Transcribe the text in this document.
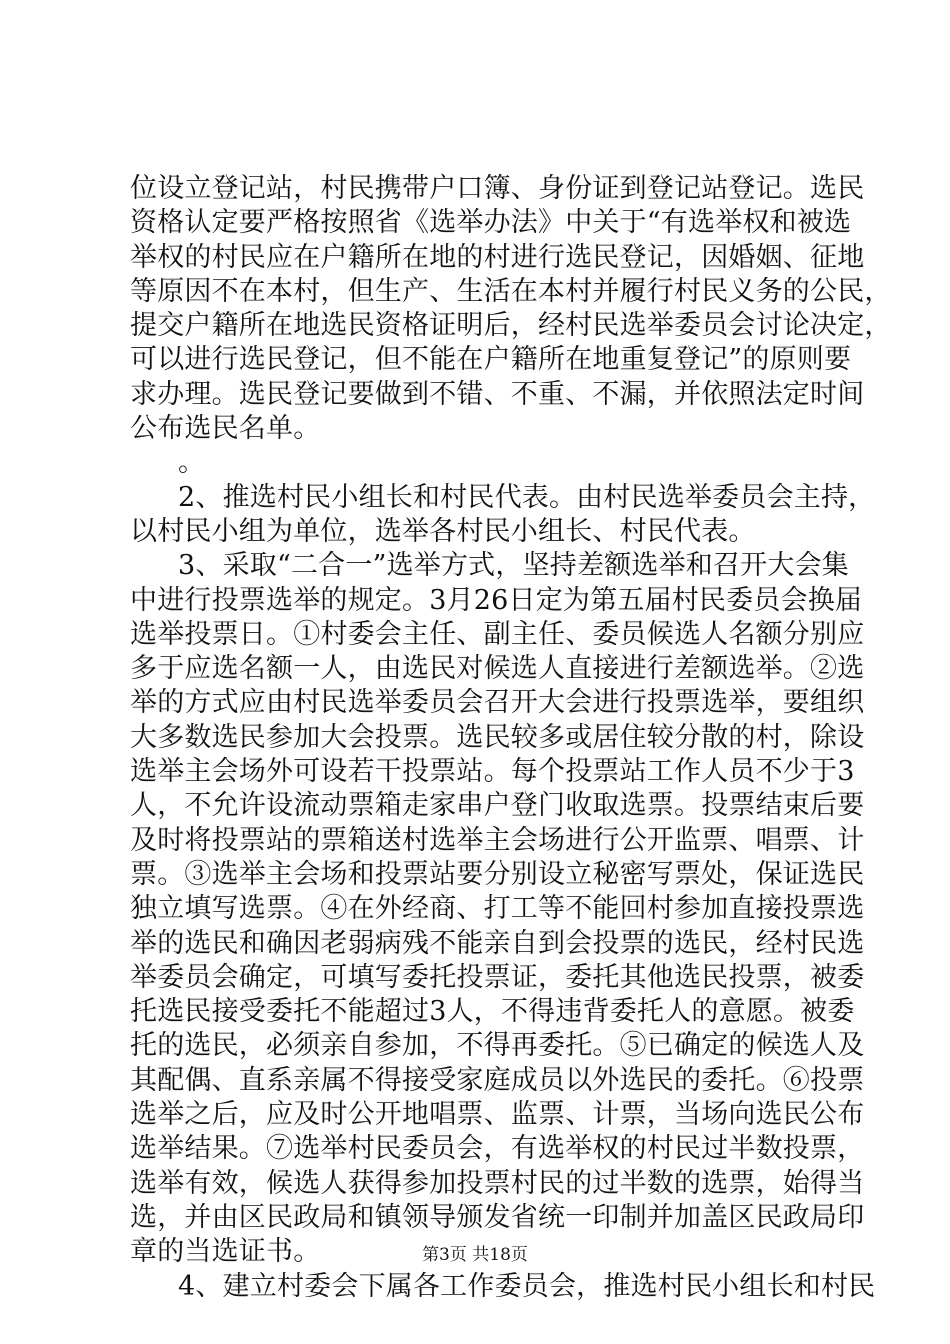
位设立登记站，村民携带户口簿、身份证到登记站登记。选民
资格认定要严格按照省《选举办法》中关于“有选举权和被选
举权的村民应在户籍所在地的村进行选民登记，因婚姻、征地
等原因不在本村，但生产、生活在本村并履行村民义务的公民，
提交户籍所在地选民资格证明后，经村民选举委员会讨论决定，
可以进行选民登记，但不能在户籍所在地重复登记”的原则要
求办理。选民登记要做到不错、不重、不漏，并依照法定时间
公布选民名单。
。
2、推选村民小组长和村民代表。由村民选举委员会主持，
以村民小组为单位，选举各村民小组长、村民代表。
3、采取“二合一”选举方式，坚持差额选举和召开大会集
中进行投票选举的规定。3月26日定为第五届村民委员会换届
选举投票日。①村委会主任、副主任、委员候选人名额分别应
多于应选名额一人，由选民对候选人直接进行差额选举。②选
举的方式应由村民选举委员会召开大会进行投票选举，要组织
大多数选民参加大会投票。选民较多或居住较分散的村，除设
选举主会场外可设若干投票站。每个投票站工作人员不少于3
人，不允许设流动票箱走家串户登门收取选票。投票结束后要
及时将投票站的票箱送村选举主会场进行公开监票、唱票、计
票。③选举主会场和投票站要分别设立秘密写票处，保证选民
独立填写选票。④在外经商、打工等不能回村参加直接投票选
举的选民和确因老弱病残不能亲自到会投票的选民，经村民选
举委员会确定，可填写委托投票证，委托其他选民投票，被委
托选民接受委托不能超过3人，不得违背委托人的意愿。被委
托的选民，必须亲自参加，不得再委托。⑤已确定的候选人及
其配偶、直系亲属不得接受家庭成员以外选民的委托。⑥投票
选举之后，应及时公开地唱票、监票、计票，当场向选民公布
选举结果。⑦选举村民委员会，有选举权的村民过半数投票，
选举有效，候选人获得参加投票村民的过半数的选票，始得当
选，并由区民政局和镇领导颁发省统一印制并加盖区民政局印
章的当选证书。
4、建立村委会下属各工作委员会，推选村民小组长和村民
第3页 共18页
